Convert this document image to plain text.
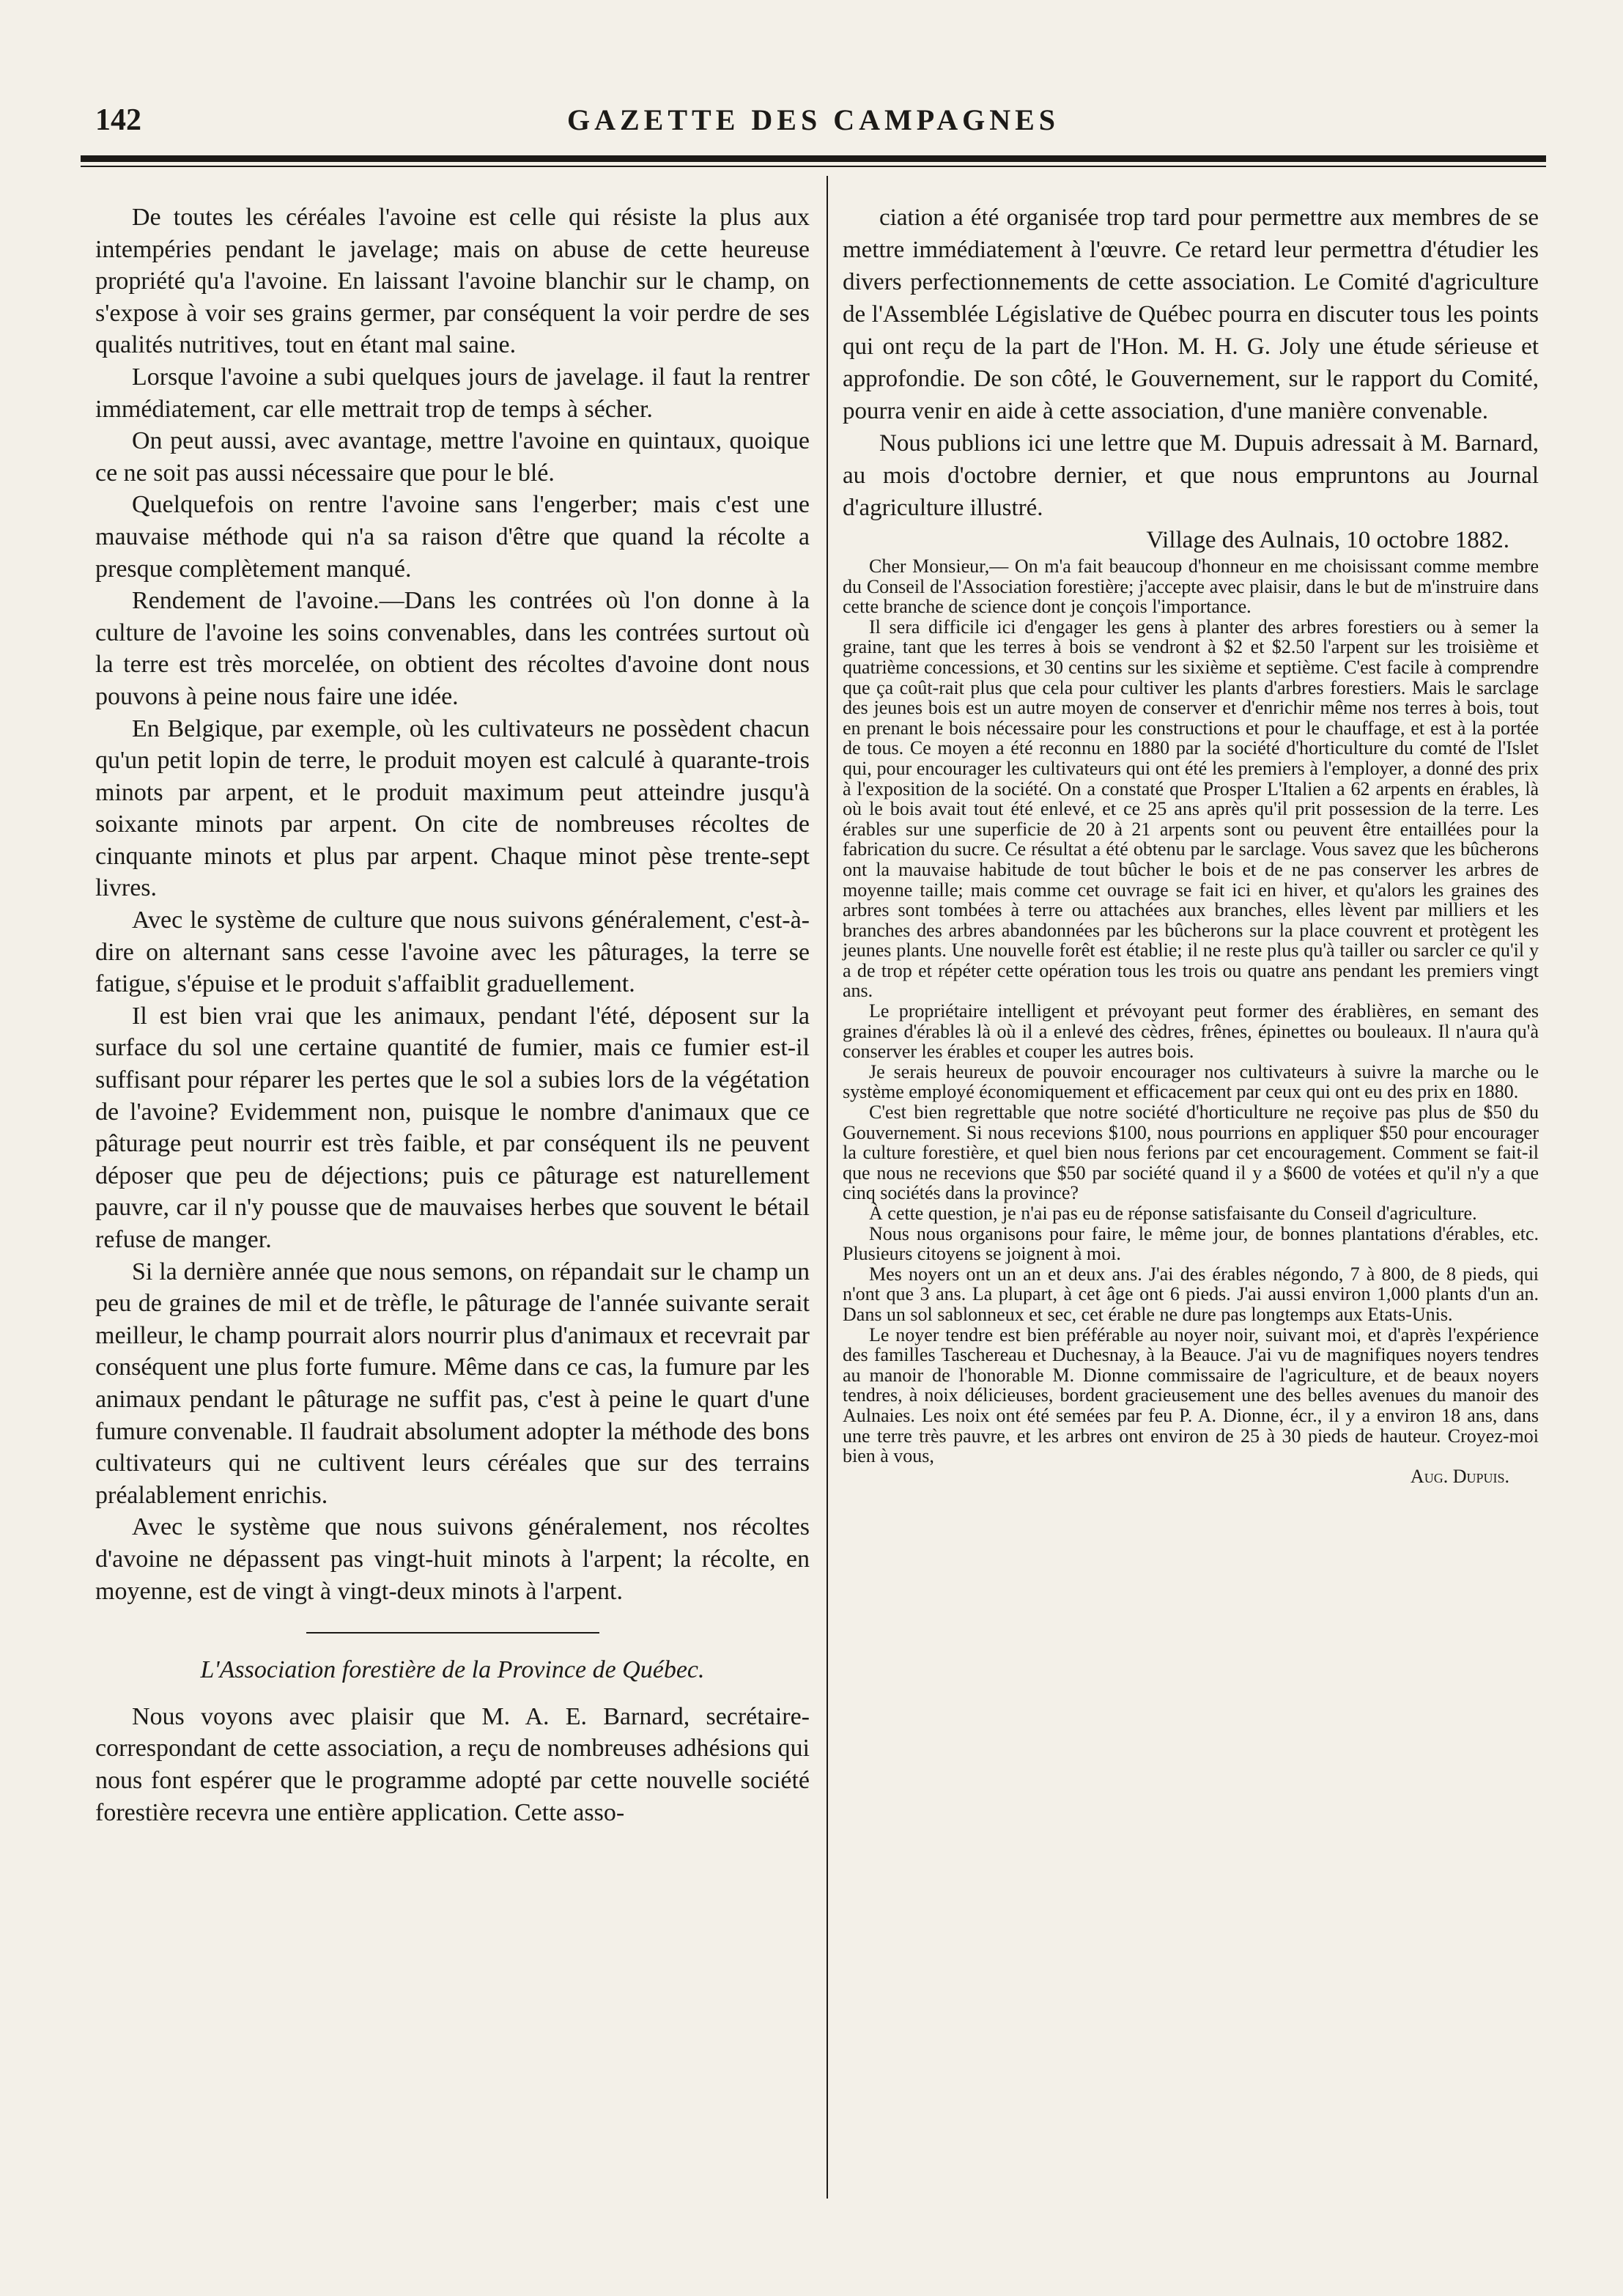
142	GAZETTE DES CAMPAGNES

De toutes les céréales l'avoine est celle qui résiste la plus aux intempéries pendant le javelage; mais on abuse de cette heureuse propriété qu'a l'avoine. En laissant l'avoine blanchir sur le champ, on s'expose à voir ses grains germer, par conséquent la voir perdre de ses qualités nutritives, tout en étant mal saine.

Lorsque l'avoine a subi quelques jours de javelage. il faut la rentrer immédiatement, car elle mettrait trop de temps à sécher.

On peut aussi, avec avantage, mettre l'avoine en quintaux, quoique ce ne soit pas aussi nécessaire que pour le blé.

Quelquefois on rentre l'avoine sans l'engerber; mais c'est une mauvaise méthode qui n'a sa raison d'être que quand la récolte a presque complètement manqué.

Rendement de l'avoine.—Dans les contrées où l'on donne à la culture de l'avoine les soins convenables, dans les contrées surtout où la terre est très morcelée, on obtient des récoltes d'avoine dont nous pouvons à peine nous faire une idée.

En Belgique, par exemple, où les cultivateurs ne possèdent chacun qu'un petit lopin de terre, le produit moyen est calculé à quarante-trois minots par arpent, et le produit maximum peut atteindre jusqu'à soixante minots par arpent. On cite de nombreuses récoltes de cinquante minots et plus par arpent. Chaque minot pèse trente-sept livres.

Avec le système de culture que nous suivons généralement, c'est-à-dire on alternant sans cesse l'avoine avec les pâturages, la terre se fatigue, s'épuise et le produit s'affaiblit graduellement.

Il est bien vrai que les animaux, pendant l'été, déposent sur la surface du sol une certaine quantité de fumier, mais ce fumier est-il suffisant pour réparer les pertes que le sol a subies lors de la végétation de l'avoine? Evidemment non, puisque le nombre d'animaux que ce pâturage peut nourrir est très faible, et par conséquent ils ne peuvent déposer que peu de déjections; puis ce pâturage est naturellement pauvre, car il n'y pousse que de mauvaises herbes que souvent le bétail refuse de manger.

Si la dernière année que nous semons, on répandait sur le champ un peu de graines de mil et de trèfle, le pâturage de l'année suivante serait meilleur, le champ pourrait alors nourrir plus d'animaux et recevrait par conséquent une plus forte fumure. Même dans ce cas, la fumure par les animaux pendant le pâturage ne suffit pas, c'est à peine le quart d'une fumure convenable. Il faudrait absolument adopter la méthode des bons cultivateurs qui ne cultivent leurs céréales que sur des terrains préalablement enrichis.

Avec le système que nous suivons généralement, nos récoltes d'avoine ne dépassent pas vingt-huit minots à l'arpent; la récolte, en moyenne, est de vingt à vingt-deux minots à l'arpent.

L'Association forestière de la Province de Québec.

Nous voyons avec plaisir que M. A. E. Barnard, secrétaire-correspondant de cette association, a reçu de nombreuses adhésions qui nous font espérer que le programme adopté par cette nouvelle société forestière recevra une entière application. Cette asso-

ciation a été organisée trop tard pour permettre aux membres de se mettre immédiatement à l'œuvre. Ce retard leur permettra d'étudier les divers perfectionnements de cette association. Le Comité d'agriculture de l'Assemblée Législative de Québec pourra en discuter tous les points qui ont reçu de la part de l'Hon. M. H. G. Joly une étude sérieuse et approfondie. De son côté, le Gouvernement, sur le rapport du Comité, pourra venir en aide à cette association, d'une manière convenable.

Nous publions ici une lettre que M. Dupuis adressait à M. Barnard, au mois d'octobre dernier, et que nous empruntons au Journal d'agriculture illustré.

Village des Aulnais, 10 octobre 1882.

Cher Monsieur,— On m'a fait beaucoup d'honneur en me choisissant comme membre du Conseil de l'Association forestière; j'accepte avec plaisir, dans le but de m'instruire dans cette branche de science dont je conçois l'importance.

Il sera difficile ici d'engager les gens à planter des arbres forestiers ou à semer la graine, tant que les terres à bois se vendront à $2 et $2.50 l'arpent sur les troisième et quatrième concessions, et 30 centins sur les sixième et septième. C'est facile à comprendre que ça coût-rait plus que cela pour cultiver les plants d'arbres forestiers. Mais le sarclage des jeunes bois est un autre moyen de conserver et d'enrichir même nos terres à bois, tout en prenant le bois nécessaire pour les constructions et pour le chauffage, et est à la portée de tous. Ce moyen a été reconnu en 1880 par la société d'horticulture du comté de l'Islet qui, pour encourager les cultivateurs qui ont été les premiers à l'employer, a donné des prix à l'exposition de la société. On a constaté que Prosper L'Italien a 62 arpents en érables, là où le bois avait tout été enlevé, et ce 25 ans après qu'il prit possession de la terre. Les érables sur une superficie de 20 à 21 arpents sont ou peuvent être entaillées pour la fabrication du sucre. Ce résultat a été obtenu par le sarclage. Vous savez que les bûcherons ont la mauvaise habitude de tout bûcher le bois et de ne pas conserver les arbres de moyenne taille; mais comme cet ouvrage se fait ici en hiver, et qu'alors les graines des arbres sont tombées à terre ou attachées aux branches, elles lèvent par milliers et les branches des arbres abandonnées par les bûcherons sur la place couvrent et protègent les jeunes plants. Une nouvelle forêt est établie; il ne reste plus qu'à tailler ou sarcler ce qu'il y a de trop et répéter cette opération tous les trois ou quatre ans pendant les premiers vingt ans.

Le propriétaire intelligent et prévoyant peut former des érablières, en semant des graines d'érables là où il a enlevé des cèdres, frênes, épinettes ou bouleaux. Il n'aura qu'à conserver les érables et couper les autres bois.

Je serais heureux de pouvoir encourager nos cultivateurs à suivre la marche ou le système employé économiquement et efficacement par ceux qui ont eu des prix en 1880.

C'est bien regrettable que notre société d'horticulture ne reçoive pas plus de $50 du Gouvernement. Si nous recevions $100, nous pourrions en appliquer $50 pour encourager la culture forestière, et quel bien nous ferions par cet encouragement. Comment se fait-il que nous ne recevions que $50 par société quand il y a $600 de votées et qu'il n'y a que cinq sociétés dans la province?

À cette question, je n'ai pas eu de réponse satisfaisante du Conseil d'agriculture.

Nous nous organisons pour faire, le même jour, de bonnes plantations d'érables, etc. Plusieurs citoyens se joignent à moi.

Mes noyers ont un an et deux ans. J'ai des érables négondo, 7 à 800, de 8 pieds, qui n'ont que 3 ans. La plupart, à cet âge ont 6 pieds. J'ai aussi environ 1,000 plants d'un an. Dans un sol sablonneux et sec, cet érable ne dure pas longtemps aux Etats-Unis.

Le noyer tendre est bien préférable au noyer noir, suivant moi, et d'après l'expérience des familles Taschereau et Duchesnay, à la Beauce. J'ai vu de magnifiques noyers tendres au manoir de l'honorable M. Dionne commissaire de l'agriculture, et de beaux noyers tendres, à noix délicieuses, bordent gracieusement une des belles avenues du manoir des Aulnaies. Les noix ont été semées par feu P. A. Dionne, écr., il y a environ 18 ans, dans une terre très pauvre, et les arbres ont environ de 25 à 30 pieds de hauteur. Croyez-moi bien à vous,

Aug. Dupuis.
